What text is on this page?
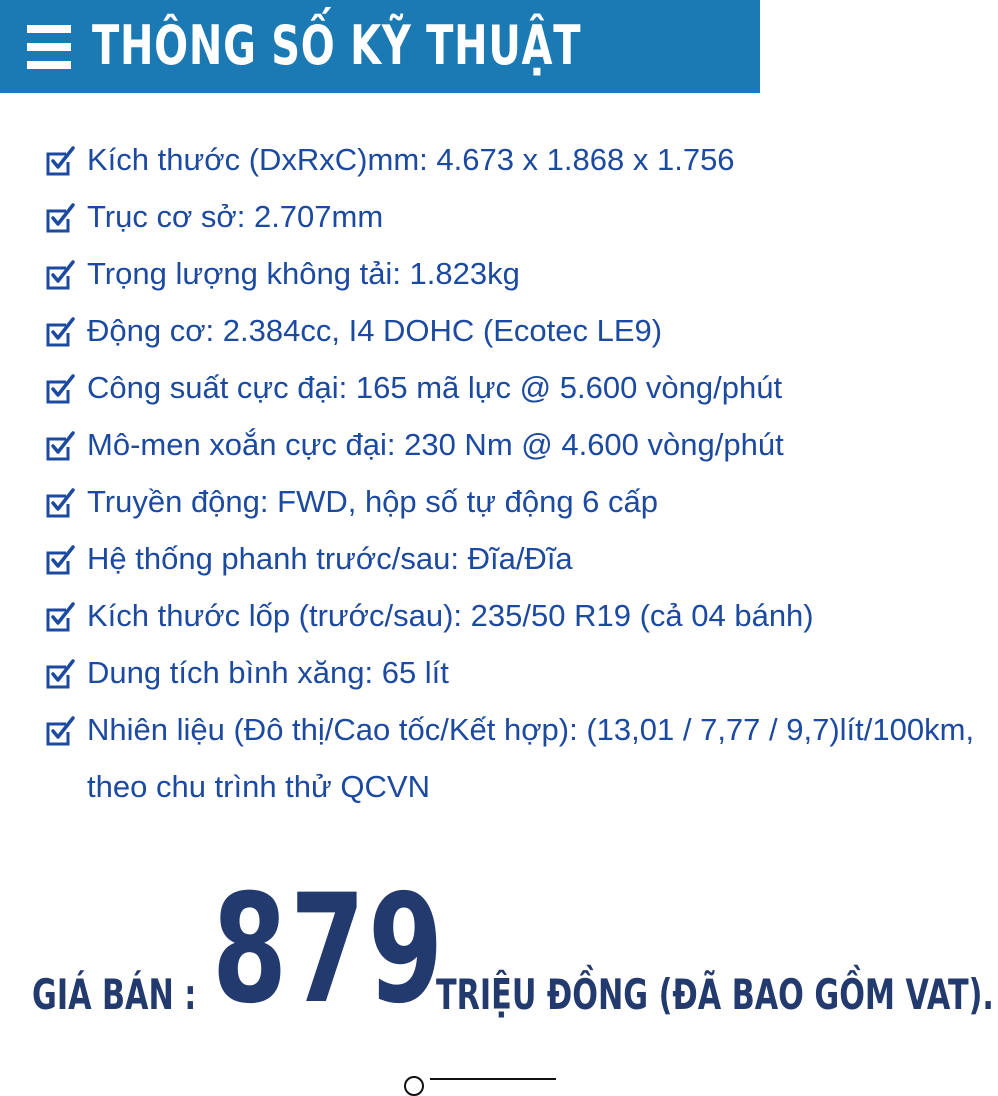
THÔNG SỐ KỸ THUẬT
Kích thước (DxRxC)mm: 4.673 x 1.868 x 1.756
Trục cơ sở: 2.707mm
Trọng lượng không tải: 1.823kg
Động cơ: 2.384cc, I4 DOHC (Ecotec LE9)
Công suất cực đại: 165 mã lực @ 5.600 vòng/phút
Mô-men xoắn cực đại: 230 Nm @ 4.600 vòng/phút
Truyền động: FWD, hộp số tự động 6 cấp
Hệ thống phanh trước/sau: Đĩa/Đĩa
Kích thước lốp (trước/sau): 235/50 R19 (cả 04 bánh)
Dung tích bình xăng: 65 lít
Nhiên liệu (Đô thị/Cao tốc/Kết hợp): (13,01 / 7,77 / 9,7)lít/100km, theo chu trình thử QCVN
GIÁ BÁN : 879
TRIỆU ĐỒNG (ĐÃ BAO GỒM VAT).
